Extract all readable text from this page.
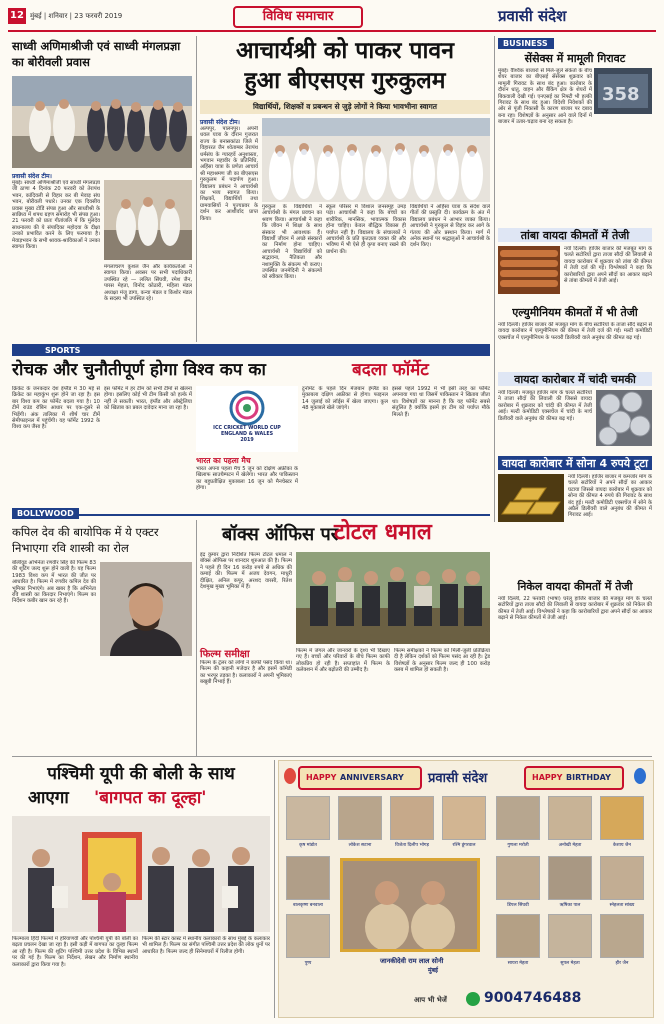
12 मुंबई | शनिवार | 23 फरवरी 2019	विविध समाचार	प्रवासी संदेश
साध्वी अणिमाश्रीजी एवं साध्वी मंगलप्रज्ञा का बोरीवली प्रवास
प्रवासी संदेश टीम।
मुंबई। साध्वी अणिमाश्रीजी एवं साध्वी मंगलप्रज्ञा जी ठाणा 4 दिनांक 20 फरवरी को तेरापंथ भवन, कांदिवली से विहार कर बी मेवाड़ संघ भवन, बोरीवली पधारे। उनका एक दिवसीय प्रवास मुख्य टोडिं संपन्न हुआ और साध्वीश्री के सान्निध्य में शपथ ग्रहण समारोह भी संपन्न हुआ। 21 फरवरी को प्रातः गीतांजलि में कि मुलंदेव साधनालय की ये संपादिका महोदया के दीक्षा उनको प्रभावित करने के लिए फरमाया है। मेवाड़भवन के सभी श्रावक-श्राविकाओं ने उनका स्वागत किया।
मंगलाचरण कुशल जैन और कार्यकर्ताओं ने स्वागत किया। अवसर पर सभी पदाधिकारी उपस्थित रहे — ललित सिंघवी, रमेश जैन, पारस मेहता, विनोद कोठारी, महिला मंडल अध्यक्षा मंजू डागा, कन्या मंडल व किशोर मंडल के सदस्य भी उपस्थित रहे।
आचार्यश्री को पाकर पावन
हुआ बीएसएस गुरुकुलम
विद्यार्थियों, शिक्षकों व प्रबन्धन से जुड़े लोगों ने किया भावभीना स्वागत
प्रवासी संदेश टीम।
अल्पपुर, पालनपुर। अपनी धवल यात्रा के दौरान गुजरात राज्य के बनासकांठा जिले में विहाररत जैन श्वेताम्बर तेरापंथ धर्मसंघ के ग्यारहवें अनुशास्ता, भगवान महावीर के प्रतिनिधि, अहिंसा यात्रा के प्रणेता आचार्य श्री महाश्रमण जी का बीएसएस गुरुकुलम में पदार्पण हुआ। विद्यालय प्रबंधन ने आचार्यश्री का भव्य स्वागत किया। शिक्षकों, विद्यार्थियों तथा ग्रामवासियों ने पूज्यप्रवर के दर्शन कर आशीर्वाद प्राप्त किया।
गुरुकुल के विद्यार्थियों ने आचार्यश्री के मंगल प्रवचन का श्रवण किया। आचार्यश्री ने कहा कि जीवन में शिक्षा के साथ संस्कार भी आवश्यक हैं। विद्यार्थी जीवन में अच्छे संस्कारों का निर्माण होना चाहिए। आचार्यश्री ने विद्यार्थियों को सद्भावना, नैतिकता और नशामुक्ति के संकल्प भी कराए। उपस्थित जनमेदिनी ने संकल्पों को स्वीकार किया।
स्कूल परिसर में विशाल जनसमूह उमड़ पड़ा। आचार्यश्री ने कहा कि बच्चों का शारीरिक, मानसिक, भावात्मक विकास होना चाहिए। केवल बौद्धिक विकास ही पर्याप्त नहीं है। विद्यालय के संचालकों ने आचार्यश्री के प्रति कृतज्ञता व्यक्त की और भविष्य में भी ऐसे ही कृपा बनाए रखने की प्रार्थना की।
विद्यार्थियों ने अहिंसा यात्रा के संदेश वाले गीतों की प्रस्तुति दी। कार्यक्रम के अंत में विद्यालय प्रबंधन ने आभार व्यक्त किया। आचार्यश्री ने गुरुकुल से विहार कर आगे के गंतव्य की ओर प्रस्थान किया। मार्ग में अनेक स्थानों पर श्रद्धालुओं ने आचार्यश्री के दर्शन किए।
BUSINESS
सेंसेक्स में मामूली गिरावट
358
मुंबई। वैश्विक बाजारों से मिले-जुले संकेतों के बीच शेयर बाजार का बीएसई सेंसेक्स शुक्रवार को मामूली गिरावट के साथ बंद हुआ। कारोबार के दौरान धातु, वाहन और बैंकिंग क्षेत्र के शेयरों में बिकवाली देखी गई। एनएसई का निफ्टी भी हल्की गिरावट के साथ बंद हुआ। विदेशी निवेशकों की ओर से पूंजी निकासी के कारण बाजार पर दबाव बना रहा। विशेषज्ञों के अनुसार आने वाले दिनों में बाजार में उतार-चढ़ाव बना रह सकता है।
तांबा वायदा कीमतों में तेजी
नयी दिल्ली। हाजिर बाजार की मजबूत मांग के चलते सटोरियों द्वारा ताजा सौदों की लिवाली से वायदा कारोबार में शुक्रवार को तांबा की कीमत में तेजी दर्ज की गई। विश्लेषकों ने कहा कि कारोबारियों द्वारा अपने सौदों का आकार बढ़ाने से तांबा कीमतों में तेजी आई।
एल्युमीनियम कीमतों में भी तेजी
नयी दिल्ली। हाजिर बाजार की मजबूत मांग के बीच सटोरियों के ताजा सौदे बढ़ाने से वायदा कारोबार में एल्युमीनियम की कीमत में तेजी दर्ज की गई। मल्टी कमोडिटी एक्सचेंज में एल्युमीनियम के फरवरी डिलीवरी वाले अनुबंध की कीमत बढ़ गई।
वायदा कारोबार में चांदी चमकी
नयी दिल्ली। मजबूत हाजिर मांग के चलते सटोरियों ने ताजा सौदों की लिवाली की जिससे वायदा कारोबार में शुक्रवार को चांदी की कीमत में तेजी आई। मल्टी कमोडिटी एक्सचेंज में चांदी के मार्च डिलीवरी वाले अनुबंध की कीमत बढ़ गई।
वायदा कारोबार में सोना 4 रुपये टूटा
नयी दिल्ली। हाजिर बाजार में कमजोर मांग के चलते सटोरियों ने अपने सौदों का आकार घटाया जिससे वायदा कारोबार में शुक्रवार को सोना की कीमत 4 रुपये की गिरावट के साथ बंद हुई। मल्टी कमोडिटी एक्सचेंज में सोने के अप्रैल डिलीवरी वाले अनुबंध की कीमत में गिरावट आई।
निकेल वायदा कीमतों में तेजी
नयी दिल्ली, 22 फरवरी (भाषा) घरेलू हाजिर बाजार की मजबूत मांग के चलते सटोरियों द्वारा ताजा सौदों की लिवाली से वायदा कारोबार में शुक्रवार को निकेल की कीमत में तेजी आई। विश्लेषकों ने कहा कि कारोबारियों द्वारा अपने सौदों का आकार बढ़ाने से निकेल कीमतों में तेजी आई।
SPORTS
रोचक और चुनौतीपूर्ण होगा विश्व कप का	बदला फॉर्मेट
क्रिकेट के जनकदार देश इंग्लैंड में 30 मई से क्रिकेट का महाकुंभ शुरू होने जा रहा है। इस बार विश्व कप का फॉर्मेट बदला गया है। 10 टीमें राउंड रॉबिन आधार पर एक-दूसरे से भिड़ेंगी। अंक तालिका में शीर्ष चार टीमें सेमीफाइनल में पहुंचेंगी। यह फॉर्मेट 1992 के विश्व कप जैसा है।
इस फॉर्मेट में हर टीम को सभी टीमों से खेलना होगा। इसलिए कोई भी टीम किसी को हल्के में नहीं ले सकती। भारत, इंग्लैंड और ऑस्ट्रेलिया को खिताब का प्रबल दावेदार माना जा रहा है।
ICC CRICKET WORLD CUP
ENGLAND & WALES
2019
टूर्नामेंट के पहले दिन मेजबान इंग्लैंड का मुकाबला दक्षिण अफ्रीका से होगा। फाइनल 14 जुलाई को लॉर्ड्स में खेला जाएगा। कुल 48 मुकाबले खेले जाएंगे।
भारत का पहला मैच
भारत अपना पहला मैच 5 जून को दक्षिण अफ्रीका के खिलाफ साउथैम्पटन में खेलेगा। भारत और पाकिस्तान का बहुप्रतीक्षित मुकाबला 16 जून को मैनचेस्टर में होगा।
इससे पहले 1992 में भी इसी तरह का फॉर्मेट अपनाया गया था जिसमें पाकिस्तान ने खिताब जीता था। विशेषज्ञों का मानना है कि यह फॉर्मेट सबसे संतुलित है क्योंकि इसमें हर टीम को पर्याप्त मौके मिलते हैं।
BOLLYWOOD
कपिल देव की बायोपिक में ये एक्टर निभाएगा रवि शास्त्री का रोल
बॉलीवुड अभिनेता रणवीर सिंह की फिल्म 83 की शूटिंग जल्द शुरू होने वाली है। यह फिल्म 1983 विश्व कप में भारत की जीत पर आधारित है। फिल्म में रणवीर कपिल देव की भूमिका निभाएंगे। अब खबर है कि अभिनेता रवि शास्त्री का किरदार निभाएंगे। फिल्म का निर्देशन कबीर खान कर रहे हैं।
बॉक्स ऑफिस पर
टोटल धमाल
इंद्र कुमार द्वारा निर्देशित फिल्म टोटल धमाल ने बॉक्स ऑफिस पर शानदार शुरुआत की है। फिल्म ने पहले ही दिन 16 करोड़ रुपये से अधिक की कमाई की। फिल्म में अजय देवगन, माधुरी दीक्षित, अनिल कपूर, अरशद वारसी, रितेश देशमुख मुख्य भूमिका में हैं।
फिल्म समीक्षा
फिल्म के ट्रेलर को लोगों ने काफी पसंद किया था। फिल्म की कहानी मजेदार है और इसमें कॉमेडी का भरपूर तड़का है। कलाकारों ने अपनी भूमिकाएं बखूबी निभाई हैं।
फिल्म में जंगल और जानवरों के दृश्य भी दिखाए गए हैं। बच्चों और परिवारों के बीच फिल्म काफी लोकप्रिय हो रही है। सप्ताहांत में फिल्म के कलेक्शन में और बढ़ोतरी की उम्मीद है।
फिल्म समीक्षकों ने फिल्म को मिली-जुली प्रतिक्रिया दी है लेकिन दर्शकों को फिल्म पसंद आ रही है। ट्रेड विशेषज्ञों के अनुसार फिल्म जल्द ही 100 करोड़ क्लब में शामिल हो सकती है।
पश्चिमी यूपी की बोली के साथ
आएगा 'बागपत का दूल्हा'
फिल्माला हिंदी फिल्मों में हरियाणवी और पश्चिमी यूपी की बोली का बढ़ता प्रचलन देखा जा रहा है। इसी कड़ी में बागपत का दूल्हा फिल्म आ रही है। फिल्म की शूटिंग पश्चिमी उत्तर प्रदेश के विभिन्न स्थानों पर की गई है। फिल्म का निर्देशन, लेखन और निर्माण स्थानीय कलाकारों द्वारा किया गया है।
फिल्म की स्टार कास्ट में स्थानीय कलाकारों के साथ मुंबई के कलाकार भी शामिल हैं। फिल्म का संगीत पश्चिमी उत्तर प्रदेश की लोक धुनों पर आधारित है। फिल्म जल्द ही सिनेमाघरों में रिलीज होगी।
HAPPY ANNIVERSARY प्रवासी संदेश	HAPPY BIRTHDAY
कृष मांडोत	लोकेश सटाना	विजेता दिलीप भोगड़	रश्मि डूंगरवाल
बालकृष्ण बनवाला
पुष्प	जानकीदेवी राम लाल सोनी
मुंबई
गुणला मरोती	अनोखी मेहता	केशाय जैन
डिंपल सिंघवी	ऋषिका पाल	स्नेहलता सांख्य
सायरा मेहता	सुपल मेहता	हीर जैन
आप भी भेजें	9004746488
